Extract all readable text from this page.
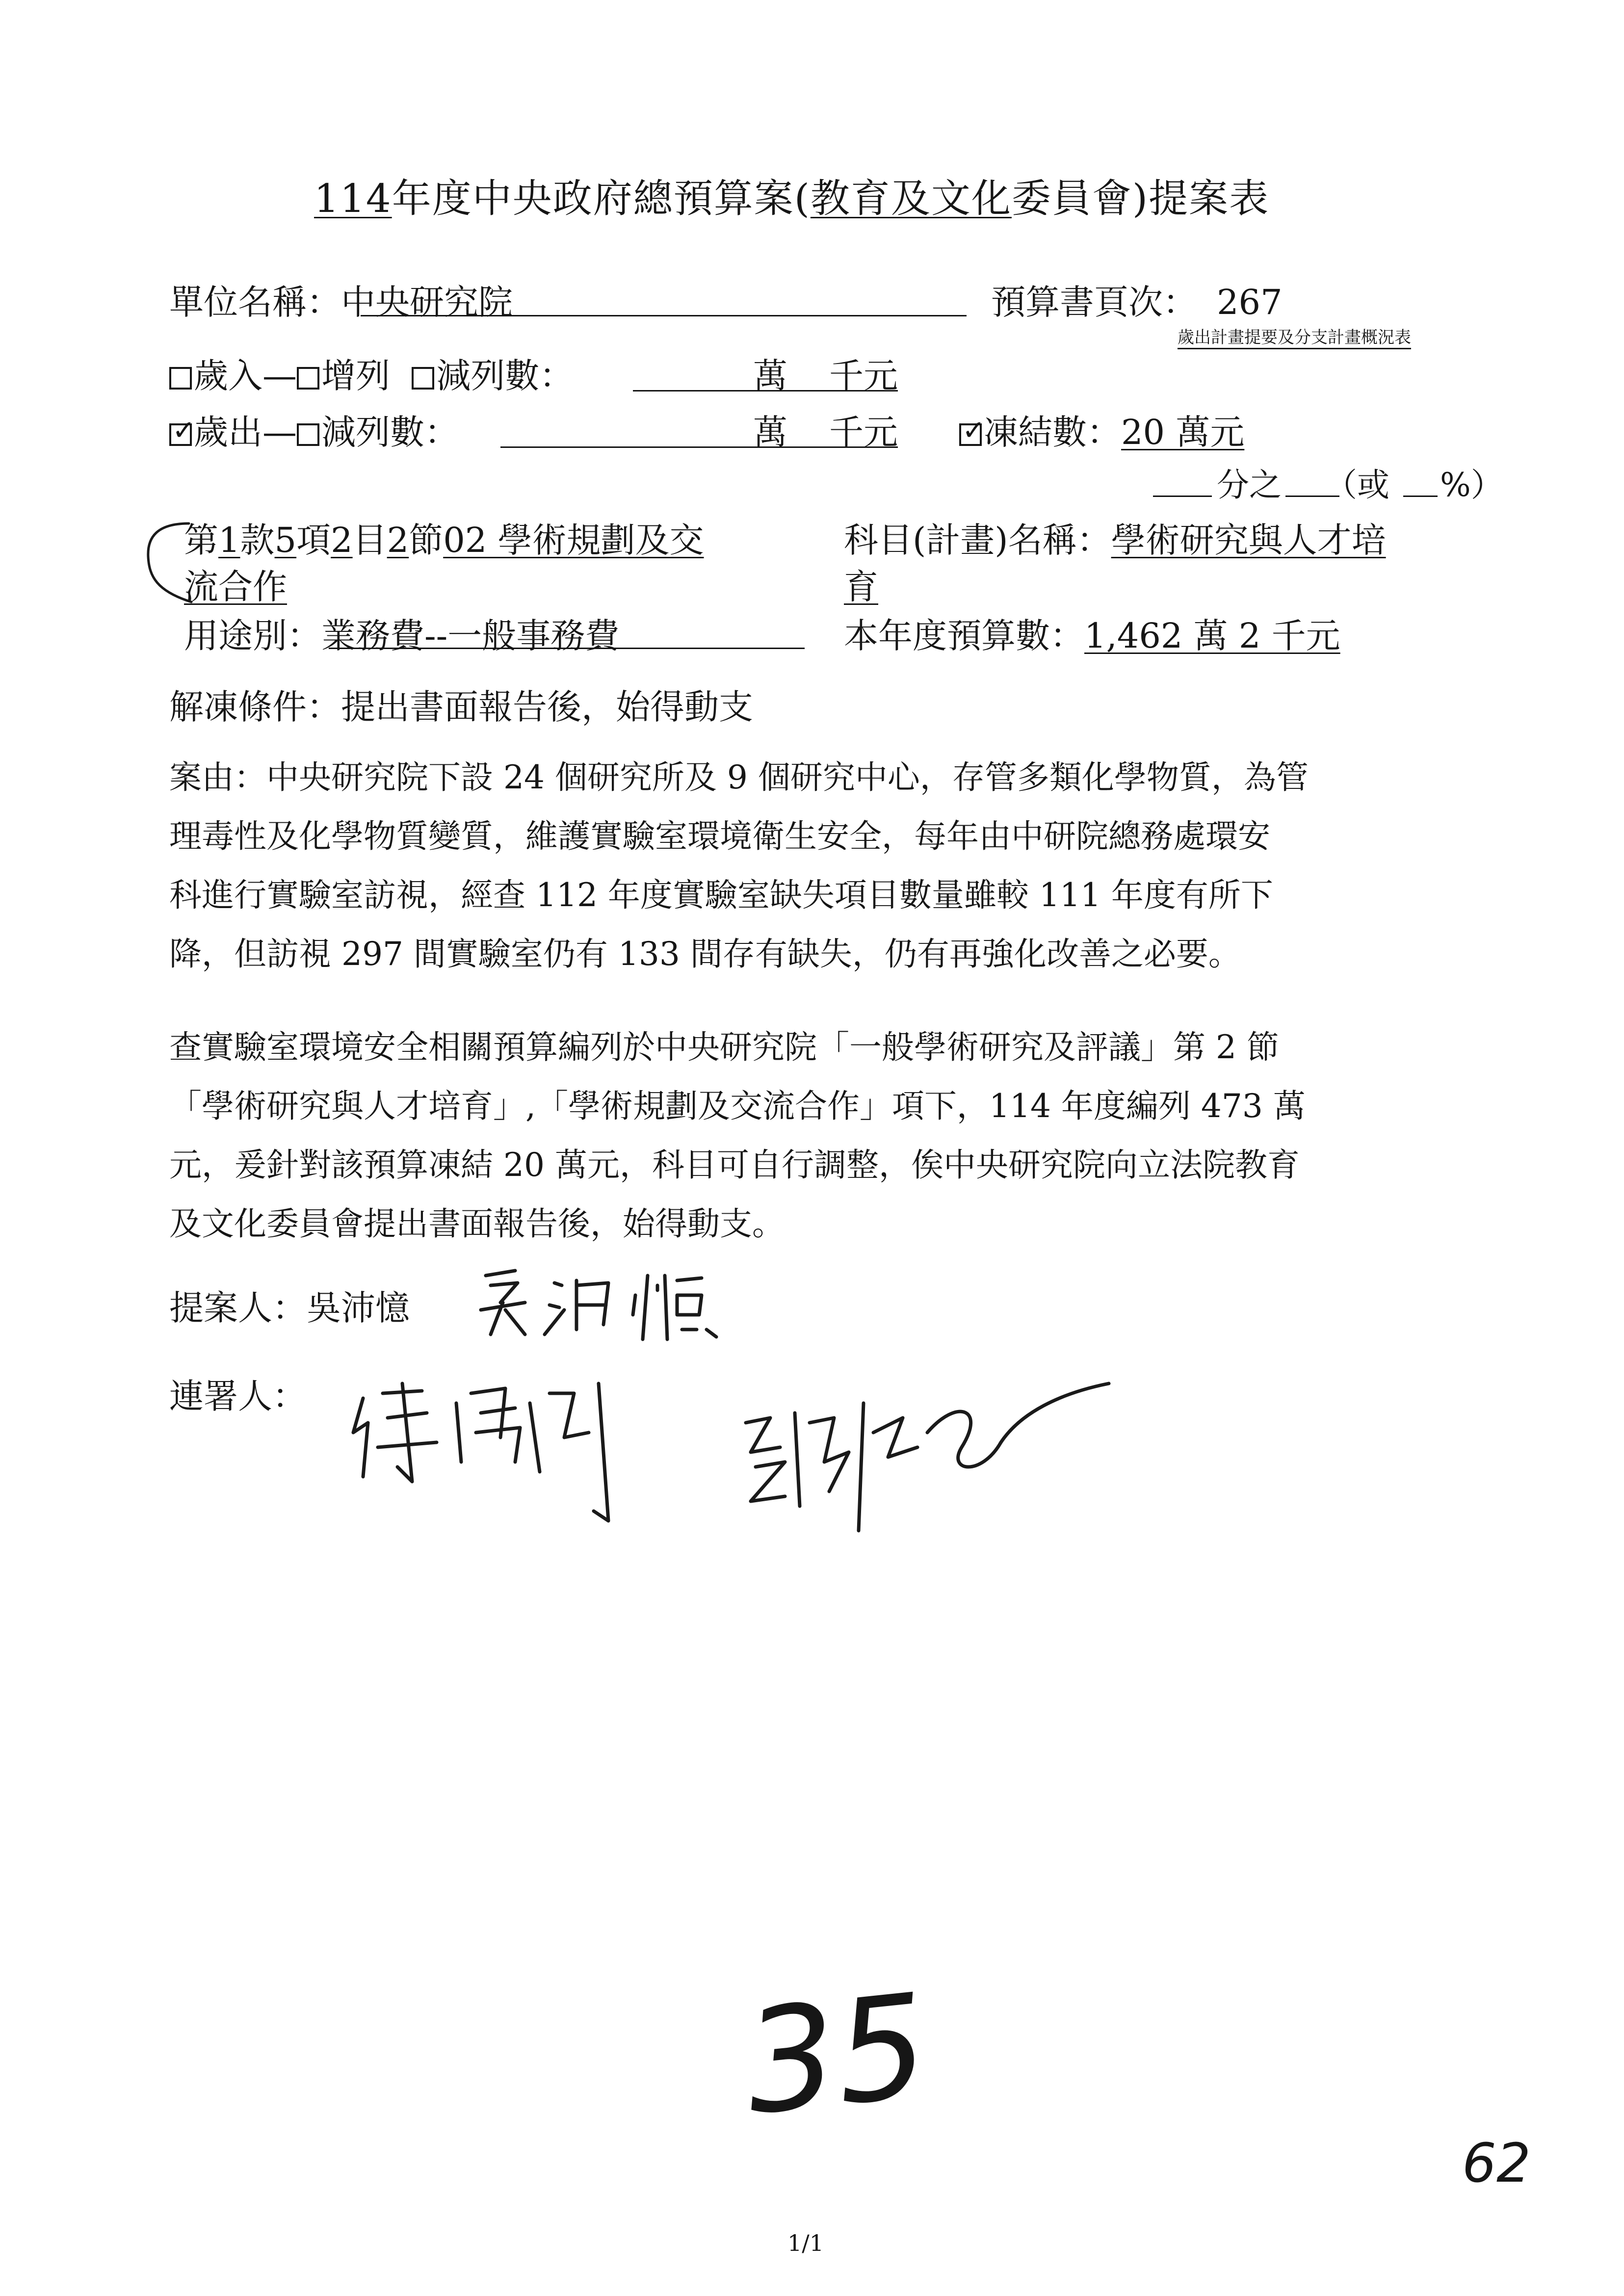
114年度中央政府總預算案(教育及文化委員會)提案表
單位名稱：中央研究院	預算書頁次： 267
歲出計畫提要及分支計畫概況表
歲入— 增列 減列數：	萬 千元
✓歲出— 減列數：	萬 千元
✓	凍結數：20 萬元
分之 （或 %）
第1款5項2目2節02 學術規劃及交
流合作
科目(計畫)名稱：學術研究與人才培
育
用途別：業務費--一般事務費	本年度預算數：1,462 萬 2 千元
解凍條件：提出書面報告後，始得動支
案由：中央研究院下設 24 個研究所及 9 個研究中心，存管多類化學物質，為管
理毒性及化學物質變質，維護實驗室環境衛生安全，每年由中研院總務處環安
科進行實驗室訪視，經查 112 年度實驗室缺失項目數量雖較 111 年度有所下
降，但訪視 297 間實驗室仍有 133 間存有缺失，仍有再強化改善之必要。
查實驗室環境安全相關預算編列於中央研究院「一般學術研究及評議」第 2 節
「學術研究與人才培育」,「學術規劃及交流合作」項下，114 年度編列 473 萬
元，爰針對該預算凍結 20 萬元，科目可自行調整，俟中央研究院向立法院教育
及文化委員會提出書面報告後，始得動支。
提案人：吳沛憶
連署人：
35
62
1/1
